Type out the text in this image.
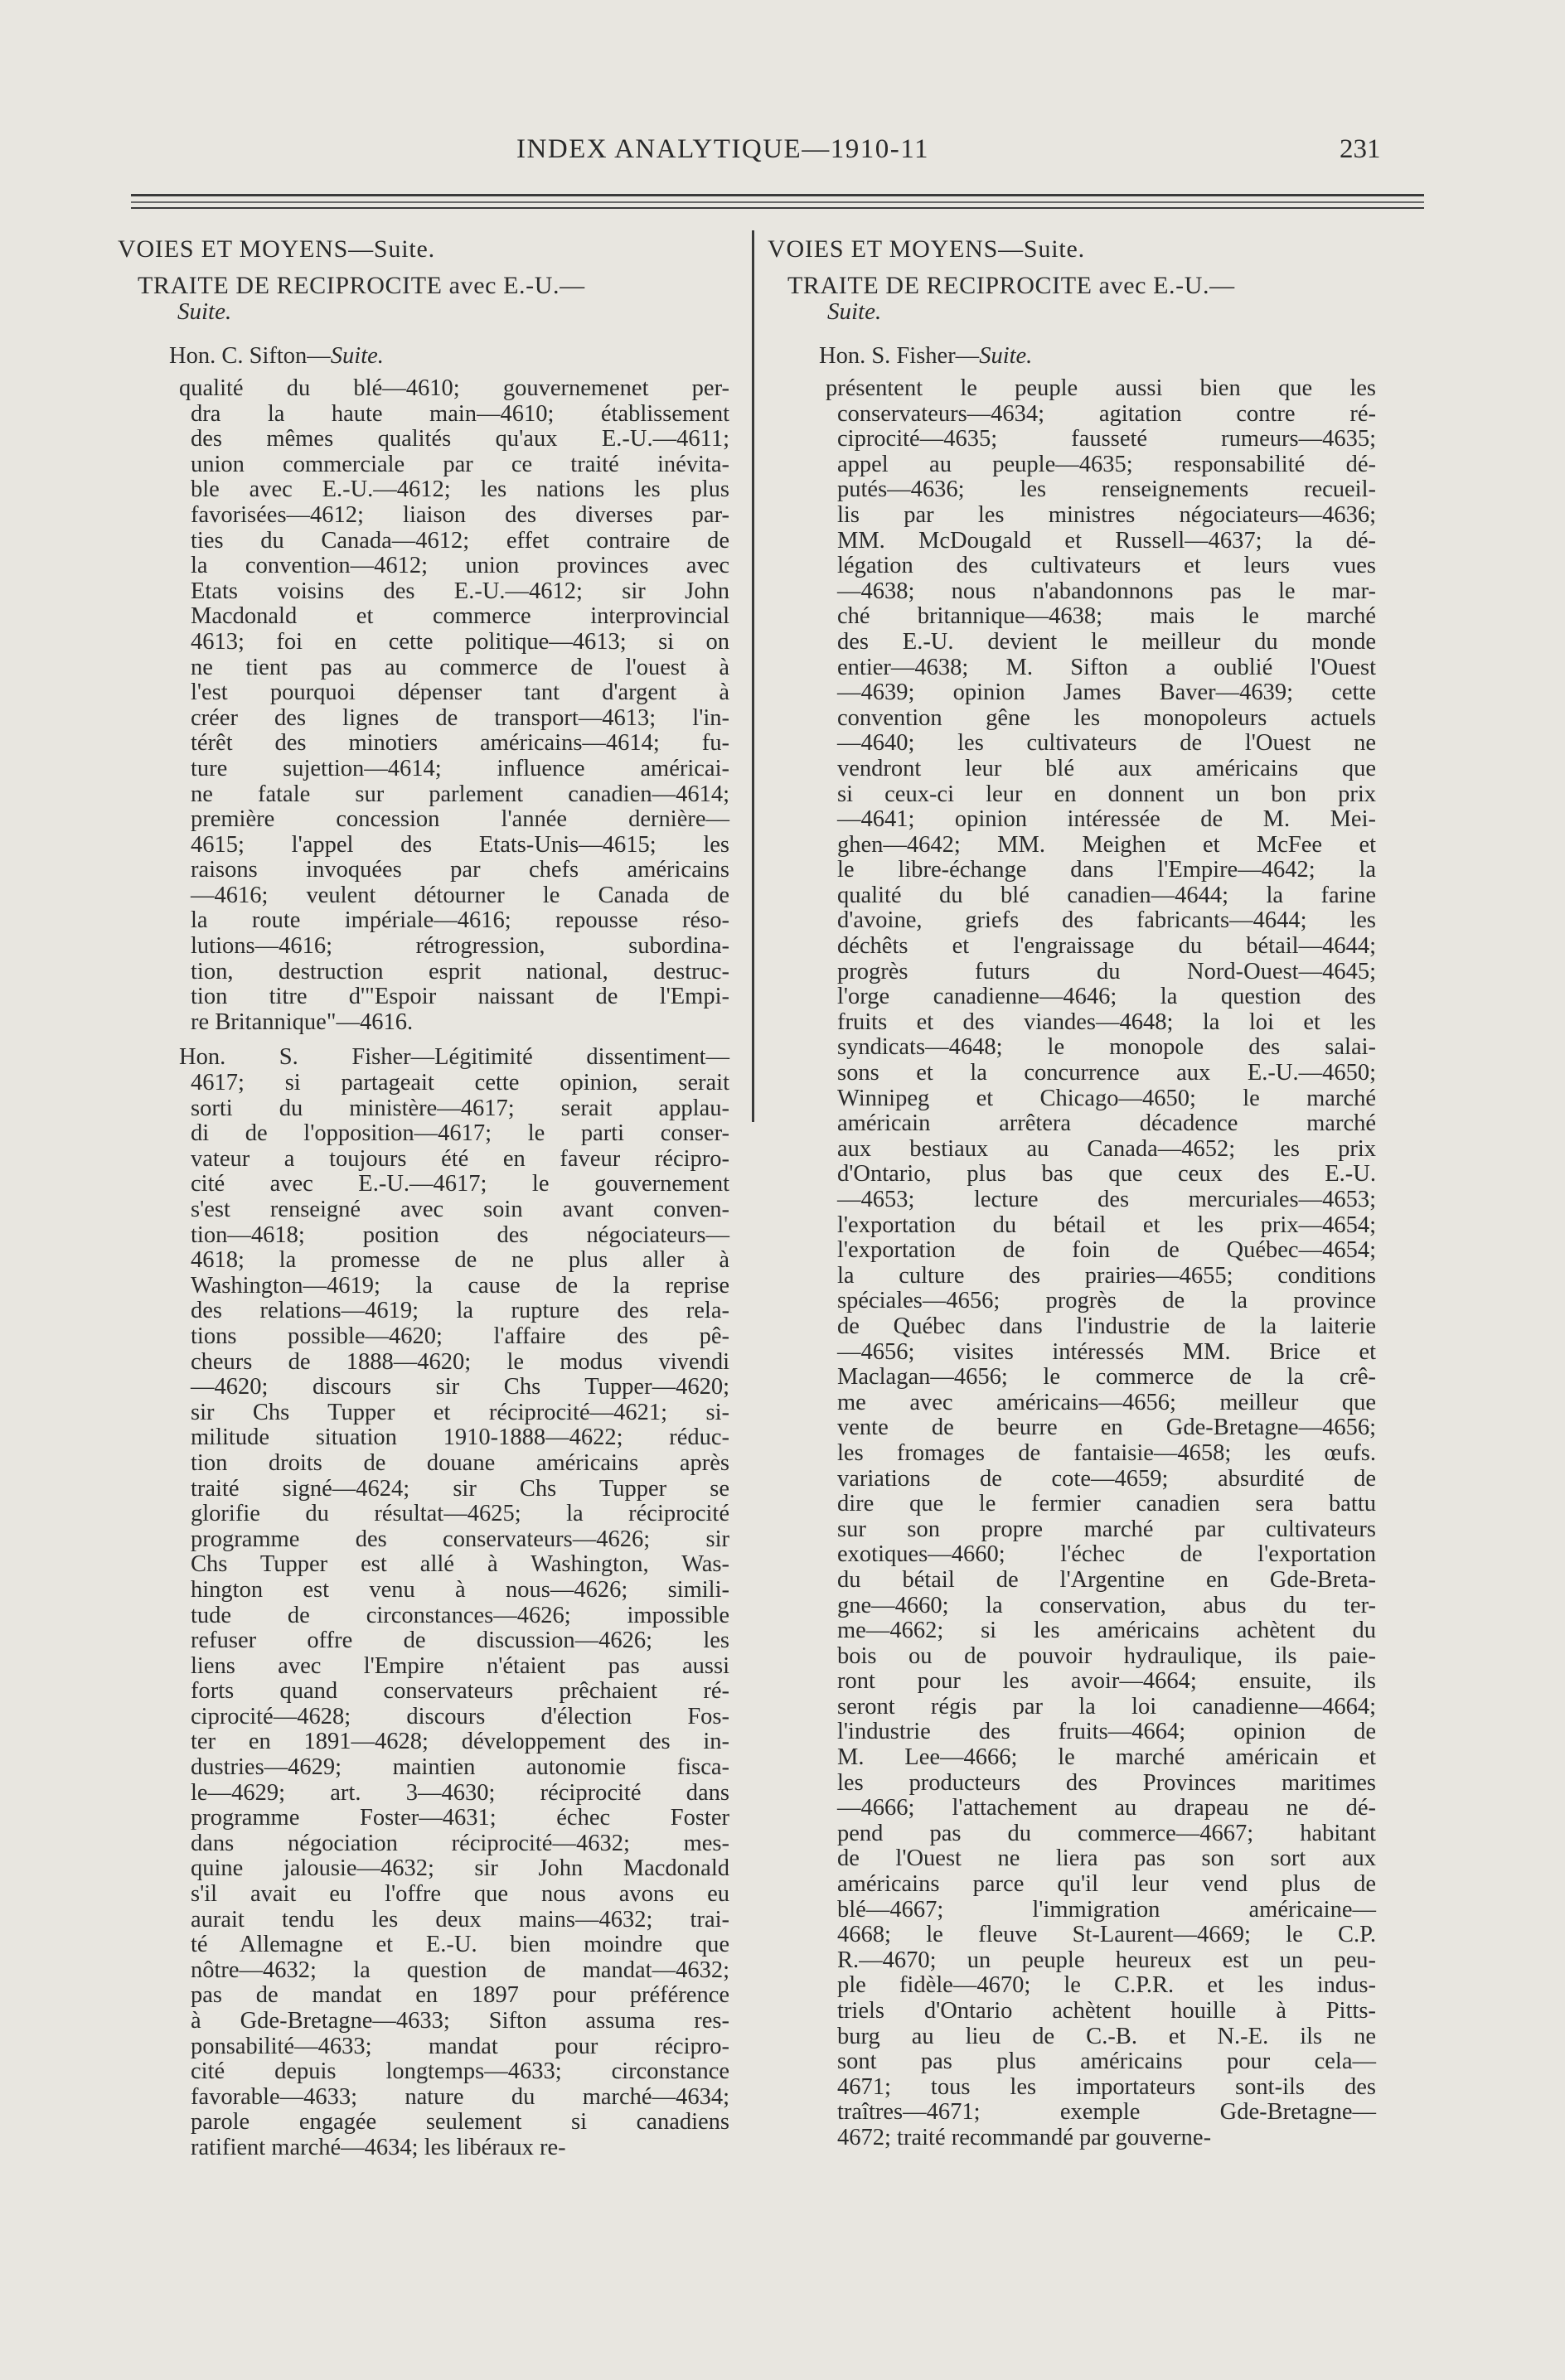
INDEX ANALYTIQUE—1910-11	231
VOIES ET MOYENS—Suite.
TRAITE DE RECIPROCITE avec E.-U.—
Suite.
Hon. C. Sifton—Suite.
qualité du blé—4610; gouvernemenet per-
dra la haute main—4610; établissement
des mêmes qualités qu'aux E.-U.—4611;
union commerciale par ce traité inévita-
ble avec E.-U.—4612; les nations les plus
favorisées—4612; liaison des diverses par-
ties du Canada—4612; effet contraire de
la convention—4612; union provinces avec
Etats voisins des E.-U.—4612; sir John
Macdonald et commerce interprovincial
4613; foi en cette politique—4613; si on
ne tient pas au commerce de l'ouest à
l'est pourquoi dépenser tant d'argent à
créer des lignes de transport—4613; l'in-
térêt des minotiers américains—4614; fu-
ture sujettion—4614; influence américai-
ne fatale sur parlement canadien—4614;
première concession l'année dernière—
4615; l'appel des Etats-Unis—4615; les
raisons invoquées par chefs américains
—4616; veulent détourner le Canada de
la route impériale—4616; repousse réso-
lutions—4616; rétrogression, subordina-
tion, destruction esprit national, destruc-
tion titre d'"Espoir naissant de l'Empi-
re Britannique"—4616.
Hon. S. Fisher—Légitimité dissentiment—
4617; si partageait cette opinion, serait
sorti du ministère—4617; serait applau-
di de l'opposition—4617; le parti conser-
vateur a toujours été en faveur récipro-
cité avec E.-U.—4617; le gouvernement
s'est renseigné avec soin avant conven-
tion—4618; position des négociateurs—
4618; la promesse de ne plus aller à
Washington—4619; la cause de la reprise
des relations—4619; la rupture des rela-
tions possible—4620; l'affaire des pê-
cheurs de 1888—4620; le modus vivendi
—4620; discours sir Chs Tupper—4620;
sir Chs Tupper et réciprocité—4621; si-
militude situation 1910-1888—4622; réduc-
tion droits de douane américains après
traité signé—4624; sir Chs Tupper se
glorifie du résultat—4625; la réciprocité
programme des conservateurs—4626; sir
Chs Tupper est allé à Washington, Was-
hington est venu à nous—4626; simili-
tude de circonstances—4626; impossible
refuser offre de discussion—4626; les
liens avec l'Empire n'étaient pas aussi
forts quand conservateurs prêchaient ré-
ciprocité—4628; discours d'élection Fos-
ter en 1891—4628; développement des in-
dustries—4629; maintien autonomie fisca-
le—4629; art. 3—4630; réciprocité dans
programme Foster—4631; échec Foster
dans négociation réciprocité—4632; mes-
quine jalousie—4632; sir John Macdonald
s'il avait eu l'offre que nous avons eu
aurait tendu les deux mains—4632; trai-
té Allemagne et E.-U. bien moindre que
nôtre—4632; la question de mandat—4632;
pas de mandat en 1897 pour préférence
à Gde-Bretagne—4633; Sifton assuma res-
ponsabilité—4633; mandat pour récipro-
cité depuis longtemps—4633; circonstance
favorable—4633; nature du marché—4634;
parole engagée seulement si canadiens
ratifient marché—4634; les libéraux re-
VOIES ET MOYENS—Suite.
TRAITE DE RECIPROCITE avec E.-U.—
Suite.
Hon. S. Fisher—Suite.
présentent le peuple aussi bien que les
conservateurs—4634; agitation contre ré-
ciprocité—4635; fausseté rumeurs—4635;
appel au peuple—4635; responsabilité dé-
putés—4636; les renseignements recueil-
lis par les ministres négociateurs—4636;
MM. McDougald et Russell—4637; la dé-
légation des cultivateurs et leurs vues
—4638; nous n'abandonnons pas le mar-
ché britannique—4638; mais le marché
des E.-U. devient le meilleur du monde
entier—4638; M. Sifton a oublié l'Ouest
—4639; opinion James Baver—4639; cette
convention gêne les monopoleurs actuels
—4640; les cultivateurs de l'Ouest ne
vendront leur blé aux américains que
si ceux-ci leur en donnent un bon prix
—4641; opinion intéressée de M. Mei-
ghen—4642; MM. Meighen et McFee et
le libre-échange dans l'Empire—4642; la
qualité du blé canadien—4644; la farine
d'avoine, griefs des fabricants—4644; les
déchêts et l'engraissage du bétail—4644;
progrès futurs du Nord-Ouest—4645;
l'orge canadienne—4646; la question des
fruits et des viandes—4648; la loi et les
syndicats—4648; le monopole des salai-
sons et la concurrence aux E.-U.—4650;
Winnipeg et Chicago—4650; le marché
américain arrêtera décadence marché
aux bestiaux au Canada—4652; les prix
d'Ontario, plus bas que ceux des E.-U.
—4653; lecture des mercuriales—4653;
l'exportation du bétail et les prix—4654;
l'exportation de foin de Québec—4654;
la culture des prairies—4655; conditions
spéciales—4656; progrès de la province
de Québec dans l'industrie de la laiterie
—4656; visites intéressés MM. Brice et
Maclagan—4656; le commerce de la crê-
me avec américains—4656; meilleur que
vente de beurre en Gde-Bretagne—4656;
les fromages de fantaisie—4658; les œufs.
variations de cote—4659; absurdité de
dire que le fermier canadien sera battu
sur son propre marché par cultivateurs
exotiques—4660; l'échec de l'exportation
du bétail de l'Argentine en Gde-Breta-
gne—4660; la conservation, abus du ter-
me—4662; si les américains achètent du
bois ou de pouvoir hydraulique, ils paie-
ront pour les avoir—4664; ensuite, ils
seront régis par la loi canadienne—4664;
l'industrie des fruits—4664; opinion de
M. Lee—4666; le marché américain et
les producteurs des Provinces maritimes
—4666; l'attachement au drapeau ne dé-
pend pas du commerce—4667; habitant
de l'Ouest ne liera pas son sort aux
américains parce qu'il leur vend plus de
blé—4667; l'immigration américaine—
4668; le fleuve St-Laurent—4669; le C.P.
R.—4670; un peuple heureux est un peu-
ple fidèle—4670; le C.P.R. et les indus-
triels d'Ontario achètent houille à Pitts-
burg au lieu de C.-B. et N.-E. ils ne
sont pas plus américains pour cela—
4671; tous les importateurs sont-ils des
traîtres—4671; exemple Gde-Bretagne—
4672; traité recommandé par gouverne-
